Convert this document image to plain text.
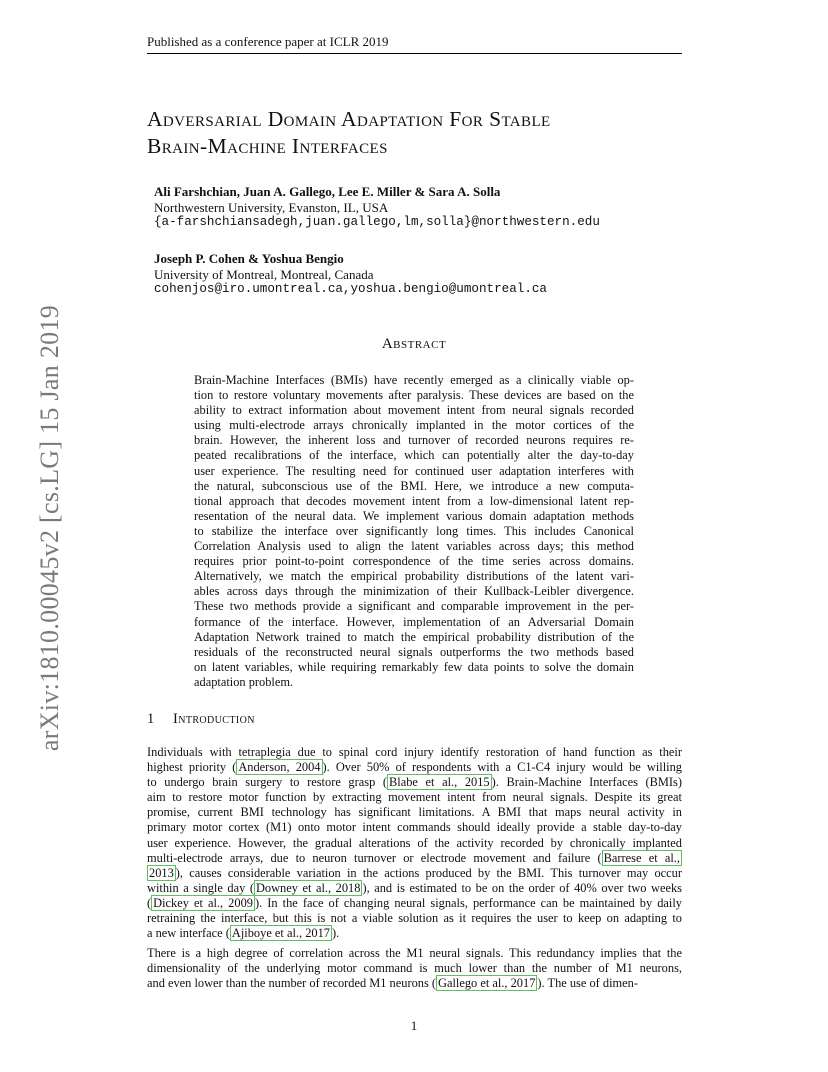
Published as a conference paper at ICLR 2019
Adversarial Domain Adaptation For Stable
Brain-Machine Interfaces
Ali Farshchian, Juan A. Gallego, Lee E. Miller & Sara A. Solla
Northwestern University, Evanston, IL, USA
{a-farshchiansadegh,juan.gallego,lm,solla}@northwestern.edu
Joseph P. Cohen & Yoshua Bengio
University of Montreal, Montreal, Canada
cohenjos@iro.umontreal.ca,yoshua.bengio@umontreal.ca
arXiv:1810.00045v2 [cs.LG] 15 Jan 2019	Abstract
Brain-Machine Interfaces (BMIs) have recently emerged as a clinically viable op-
tion to restore voluntary movements after paralysis. These devices are based on the
ability to extract information about movement intent from neural signals recorded
using multi-electrode arrays chronically implanted in the motor cortices of the
brain. However, the inherent loss and turnover of recorded neurons requires re-
peated recalibrations of the interface, which can potentially alter the day-to-day
user experience. The resulting need for continued user adaptation interferes with
the natural, subconscious use of the BMI. Here, we introduce a new computa-
tional approach that decodes movement intent from a low-dimensional latent rep-
resentation of the neural data. We implement various domain adaptation methods
to stabilize the interface over significantly long times. This includes Canonical
Correlation Analysis used to align the latent variables across days; this method
requires prior point-to-point correspondence of the time series across domains.
Alternatively, we match the empirical probability distributions of the latent vari-
ables across days through the minimization of their Kullback-Leibler divergence.
These two methods provide a significant and comparable improvement in the per-
formance of the interface. However, implementation of an Adversarial Domain
Adaptation Network trained to match the empirical probability distribution of the
residuals of the reconstructed neural signals outperforms the two methods based
on latent variables, while requiring remarkably few data points to solve the domain
adaptation problem.
1 Introduction
Individuals with tetraplegia due to spinal cord injury identify restoration of hand function as their
highest priority ( Anderson, 2004 ). Over 50% of respondents with a C1-C4 injury would be willing
to undergo brain surgery to restore grasp ( Blabe et al., 2015 ). Brain-Machine Interfaces (BMIs)
aim to restore motor function by extracting movement intent from neural signals. Despite its great
promise, current BMI technology has significant limitations. A BMI that maps neural activity in
primary motor cortex (M1) onto motor intent commands should ideally provide a stable day-to-day
user experience. However, the gradual alterations of the activity recorded by chronically implanted
multi-electrode arrays, due to neuron turnover or electrode movement and failure ( Barrese et al.,
2013 ), causes considerable variation in the actions produced by the BMI. This turnover may occur
within a single day ( Downey et al., 2018 ), and is estimated to be on the order of 40% over two weeks
( Dickey et al., 2009 ). In the face of changing neural signals, performance can be maintained by daily
retraining the interface, but this is not a viable solution as it requires the user to keep on adapting to
a new interface ( Ajiboye et al., 2017 ).
There is a high degree of correlation across the M1 neural signals. This redundancy implies that the
dimensionality of the underlying motor command is much lower than the number of M1 neurons,
and even lower than the number of recorded M1 neurons ( Gallego et al., 2017 ). The use of dimen-
1
